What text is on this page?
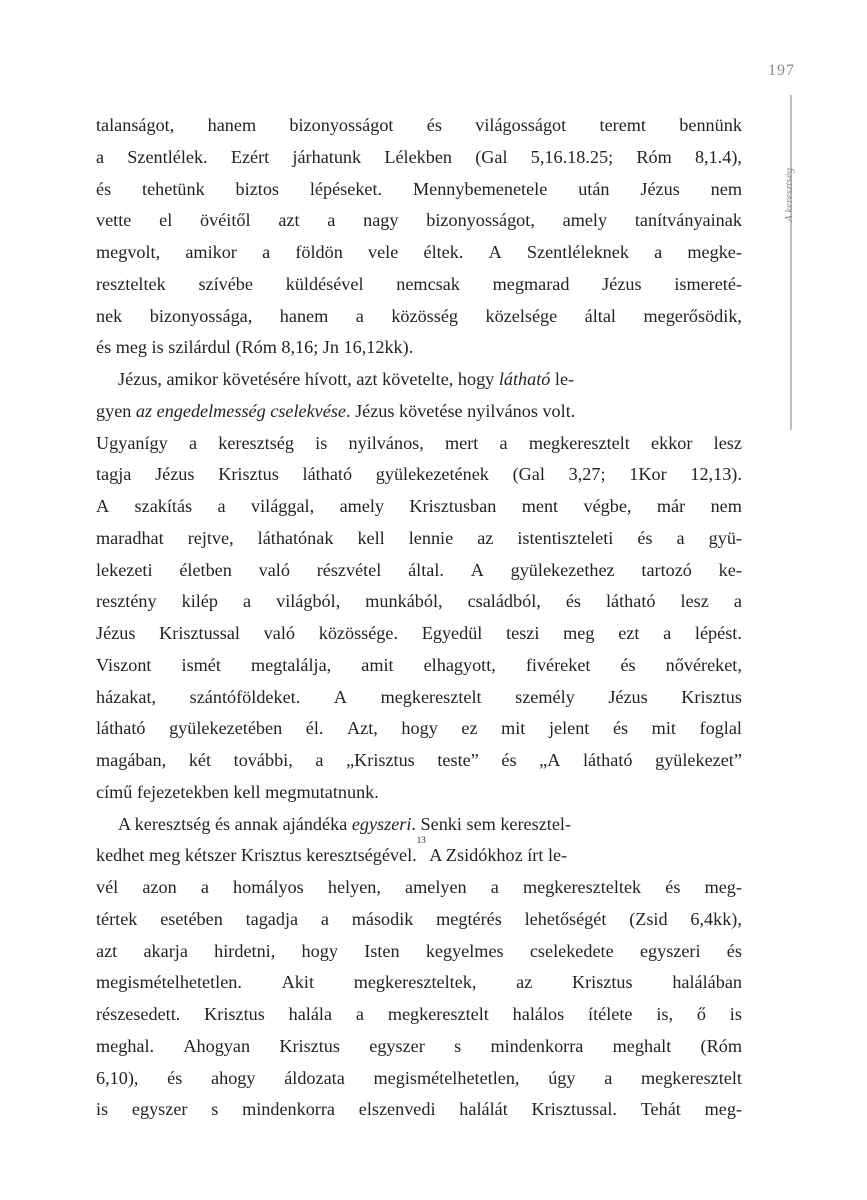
197
A keresztség
talanságot, hanem bizonyosságot és világosságot teremt bennünk
a Szentlélek. Ezért járhatunk Lélekben (Gal 5,16.18.25; Róm 8,1.4),
és tehetünk biztos lépéseket. Mennybemenetele után Jézus nem
vette el övéitől azt a nagy bizonyosságot, amely tanítványainak
megvolt, amikor a földön vele éltek. A Szentléleknek a megke-
reszteltek szívébe küldésével nemcsak megmarad Jézus ismereté-
nek bizonyossága, hanem a közösség közelsége által megerősödik,
és meg is szilárdul (Róm 8,16; Jn 16,12kk).
Jézus, amikor követésére hívott, azt követelte, hogy
látható le-
gyen
az engedelmesség cselekvése . Jézus követése nyilvános volt.
Ugyanígy a keresztség is nyilvános, mert a megkeresztelt ekkor lesz
tagja Jézus Krisztus látható gyülekezetének (Gal 3,27; 1Kor 12,13).
A szakítás a világgal, amely Krisztusban ment végbe, már nem
maradhat rejtve, láthatónak kell lennie az istentiszteleti és a gyü-
lekezeti életben való részvétel által. A gyülekezethez tartozó ke-
resztény kilép a világból, munkából, családból, és látható lesz a
Jézus Krisztussal való közössége. Egyedül teszi meg ezt a lépést.
Viszont ismét megtalálja, amit elhagyott, fivéreket és nővéreket,
házakat, szántóföldeket. A megkeresztelt személy Jézus Krisztus
látható gyülekezetében él. Azt, hogy ez mit jelent és mit foglal
magában, két további, a „Krisztus teste” és „A látható gyülekezet”
című fejezetekben kell megmutatnunk.
A keresztség és annak ajándéka
egyszeri . Senki sem keresztel-
kedhet meg kétszer Krisztus keresztségével.
13
A Zsidókhoz írt le-
vél azon a homályos helyen, amelyen a megkereszteltek és meg-
tértek esetében tagadja a második megtérés lehetőségét (Zsid 6,4kk),
azt akarja hirdetni, hogy Isten kegyelmes cselekedete egyszeri és
megismételhetetlen. Akit megkereszteltek, az Krisztus halálában
részesedett. Krisztus halála a megkeresztelt halálos ítélete is, ő is
meghal. Ahogyan Krisztus egyszer s mindenkorra meghalt (Róm
6,10), és ahogy áldozata megismételhetetlen, úgy a megkeresztelt
is egyszer s mindenkorra elszenvedi halálát Krisztussal. Tehát meg-
